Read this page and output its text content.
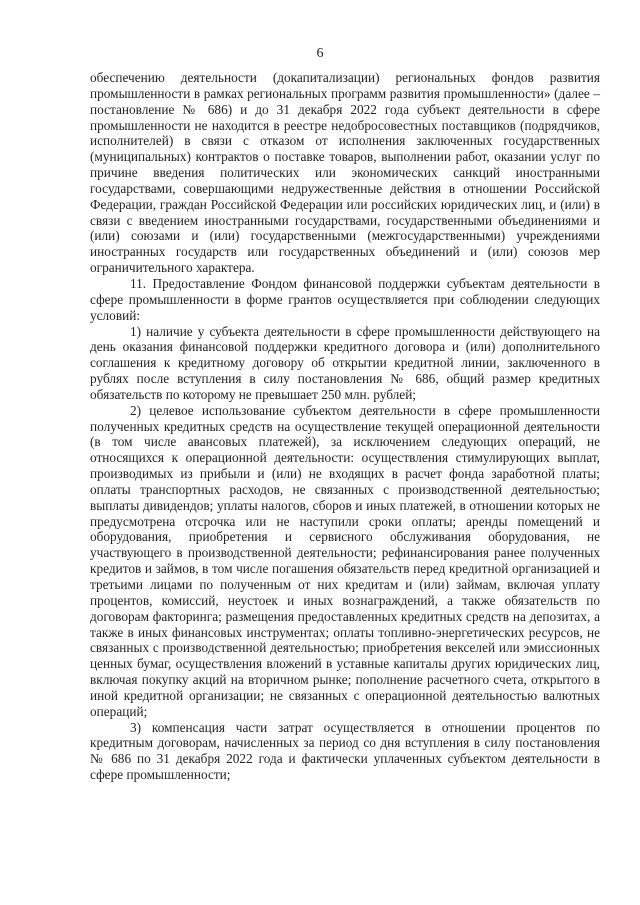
6

обеспечению деятельности (докапитализации) региональных фондов развития промышленности в рамках региональных программ развития промышленности» (далее – постановление № 686) и до 31 декабря 2022 года субъект деятельности в сфере промышленности не находится в реестре недобросовестных поставщиков (подрядчиков, исполнителей) в связи с отказом от исполнения заключенных государственных (муниципальных) контрактов о поставке товаров, выполнении работ, оказании услуг по причине введения политических или экономических санкций иностранными государствами, совершающими недружественные действия в отношении Российской Федерации, граждан Российской Федерации или российских юридических лиц, и (или) в связи с введением иностранными государствами, государственными объединениями и (или) союзами и (или) государственными (межгосударственными) учреждениями иностранных государств или государственных объединений и (или) союзов мер ограничительного характера.

11. Предоставление Фондом финансовой поддержки субъектам деятельности в сфере промышленности в форме грантов осуществляется при соблюдении следующих условий:

1) наличие у субъекта деятельности в сфере промышленности действующего на день оказания финансовой поддержки кредитного договора и (или) дополнительного соглашения к кредитному договору об открытии кредитной линии, заключенного в рублях после вступления в силу постановления № 686, общий размер кредитных обязательств по которому не превышает 250 млн. рублей;

2) целевое использование субъектом деятельности в сфере промышленности полученных кредитных средств на осуществление текущей операционной деятельности (в том числе авансовых платежей), за исключением следующих операций, не относящихся к операционной деятельности: осуществления стимулирующих выплат, производимых из прибыли и (или) не входящих в расчет фонда заработной платы; оплаты транспортных расходов, не связанных с производственной деятельностью; выплаты дивидендов; уплаты налогов, сборов и иных платежей, в отношении которых не предусмотрена отсрочка или не наступили сроки оплаты; аренды помещений и оборудования, приобретения и сервисного обслуживания оборудования, не участвующего в производственной деятельности; рефинансирования ранее полученных кредитов и займов, в том числе погашения обязательств перед кредитной организацией и третьими лицами по полученным от них кредитам и (или) займам, включая уплату процентов, комиссий, неустоек и иных вознаграждений, а также обязательств по договорам факторинга; размещения предоставленных кредитных средств на депозитах, а также в иных финансовых инструментах; оплаты топливно-энергетических ресурсов, не связанных с производственной деятельностью; приобретения векселей или эмиссионных ценных бумаг, осуществления вложений в уставные капиталы других юридических лиц, включая покупку акций на вторичном рынке; пополнение расчетного счета, открытого в иной кредитной организации; не связанных с операционной деятельностью валютных операций;

3) компенсация части затрат осуществляется в отношении процентов по кредитным договорам, начисленных за период со дня вступления в силу постановления № 686 по 31 декабря 2022 года и фактически уплаченных субъектом деятельности в сфере промышленности;
